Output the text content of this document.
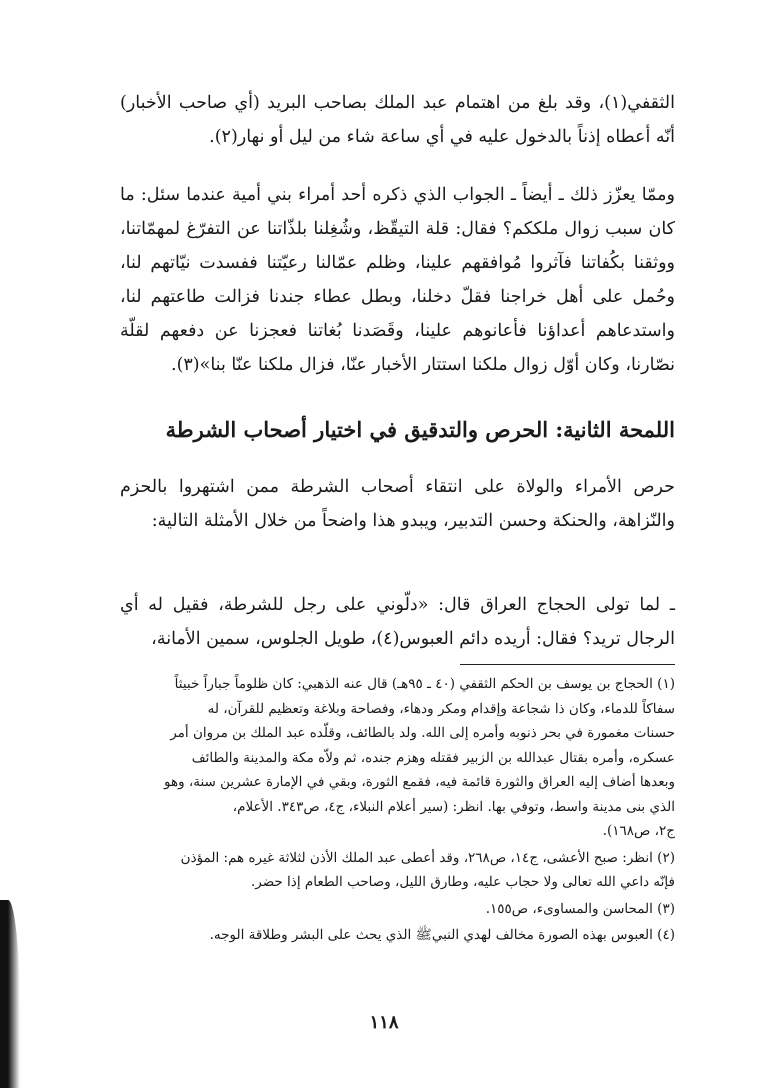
الثقفي(١)، وقد بلغ من اهتمام عبد الملك بصاحب البريد (أي صاحب الأخبار) أنّه أعطاه إذناً بالدخول عليه في أي ساعة شاء من ليل أو نهار(٢).

وممّا يعزّز ذلك ـ أيضاً ـ الجواب الذي ذكره أحد أمراء بني أمية عندما سئل: ما كان سبب زوال ملككم؟ فقال: قلة التيقّظ، وشُغِلنا بلذّاتنا عن التفرّغ لمهمّاتنا، ووثقنا بكُفاتنا فآثروا مُوافقهم علينا، وظلم عمّالنا رعيّتنا ففسدت نيّاتهم لنا، وحُمل على أهل خراجنا فقلّ دخلنا، وبطل عطاء جندنا فزالت طاعتهم لنا، واستدعاهم أعداؤنا فأعانوهم علينا، وقَصَدنا بُغاتنا فعجزنا عن دفعهم لقلّة نصّارنا، وكان أوّل زوال ملكنا استتار الأخبار عنّا، فزال ملكنا عنّا بنا»(٣).

اللمحة الثانية: الحرص والتدقيق في اختيار أصحاب الشرطة

حرص الأمراء والولاة على انتقاء أصحاب الشرطة ممن اشتهروا بالحزم والنّزاهة، والحنكة وحسن التدبير، ويبدو هذا واضحاً من خلال الأمثلة التالية:

ـ لما تولى الحجاج العراق قال: «دلّوني على رجل للشرطة، فقيل له أي الرجال تريد؟ فقال: أريده دائم العبوس(٤)، طويل الجلوس، سمين الأمانة،

(١) الحجاج بن يوسف بن الحكم الثقفي (٤٠ ـ ٩٥هـ) قال عنه الذهبي: كان ظلوماً جباراً خبيثاً

سفاكاً للدماء، وكان ذا شجاعة وإقدام ومكر ودهاء، وفصاحة وبلاغة وتعظيم للقرآن، له

حسنات مغمورة في بحر ذنوبه وأمره إلى الله. ولد بالطائف، وقلّده عبد الملك بن مروان أمر

عسكره، وأمره بقتال عبدالله بن الزبير فقتله وهزم جنده، ثم ولاّه مكة والمدينة والطائف

وبعدها أضاف إليه العراق والثورة قائمة فيه، فقمع الثورة، وبقي في الإمارة عشرين سنة، وهو

الذي بنى مدينة واسط، وتوفي بها. انظر: (سير أعلام النبلاء، ج٤، ص٣٤٣. الأعلام،

ج٢، ص١٦٨).

(٢) انظر: صبح الأعشى، ج١٤، ص٢٦٨، وقد أعطى عبد الملك الأذن لثلاثة غيره هم: المؤذن

فإنّه داعي الله تعالى ولا حجاب عليه، وطارق الليل، وصاحب الطعام إذا حضر.

(٣) المحاسن والمساوىء، ص١٥٥.

(٤) العبوس بهذه الصورة مخالف لهدي النبيﷺ الذي يحث على البشر وطلاقة الوجه.

١١٨
